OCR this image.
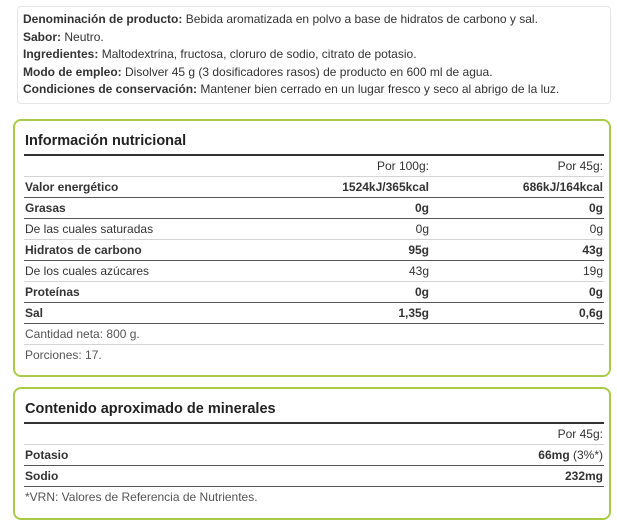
Denominación de producto: Bebida aromatizada en polvo a base de hidratos de carbono y sal.
Sabor: Neutro.
Ingredientes: Maltodextrina, fructosa, cloruro de sodio, citrato de potasio.
Modo de empleo: Disolver 45 g (3 dosificadores rasos) de producto en 600 ml de agua.
Condiciones de conservación: Mantener bien cerrado en un lugar fresco y seco al abrigo de la luz.
Información nutricional
	Por 100g:	Por 45g:
Valor energético	1524kJ/365kcal	686kJ/164kcal
Grasas	0g	0g
De las cuales saturadas	0g	0g
Hidratos de carbono	95g	43g
De los cuales azúcares	43g	19g
Proteínas	0g	0g
Sal	1,35g	0,6g
Cantidad neta: 800 g.		
Porciones: 17.		
Contenido aproximado de minerales
		Por 45g:
Potasio		66mg (3%*)
Sodio		232mg
*VRN: Valores de Referencia de Nutrientes.		
